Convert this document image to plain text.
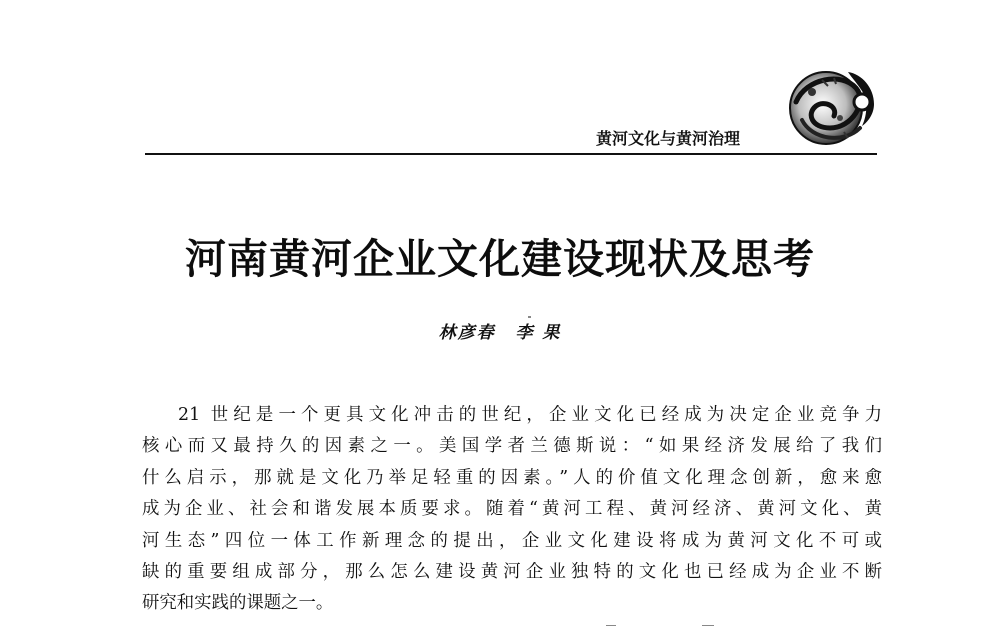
黄河文化与黄河治理
河南黄河企业文化建设现状及思考
林彦春 李 果
21 世纪是一个更具文化冲击的世纪，企业文化已经成为决定企业竞争力
核心而又最持久的因素之一。美国学者兰德斯说：“如果经济发展给了我们
什么启示，那就是文化乃举足轻重的因素。”人的价值文化理念创新，愈来愈
成为企业、社会和谐发展本质要求。随着“黄河工程、黄河经济、黄河文化、黄
河生态”四位一体工作新理念的提出，企业文化建设将成为黄河文化不可或
缺的重要组成部分，那么怎么建设黄河企业独特的文化也已经成为企业不断
研究和实践的课题之一。
